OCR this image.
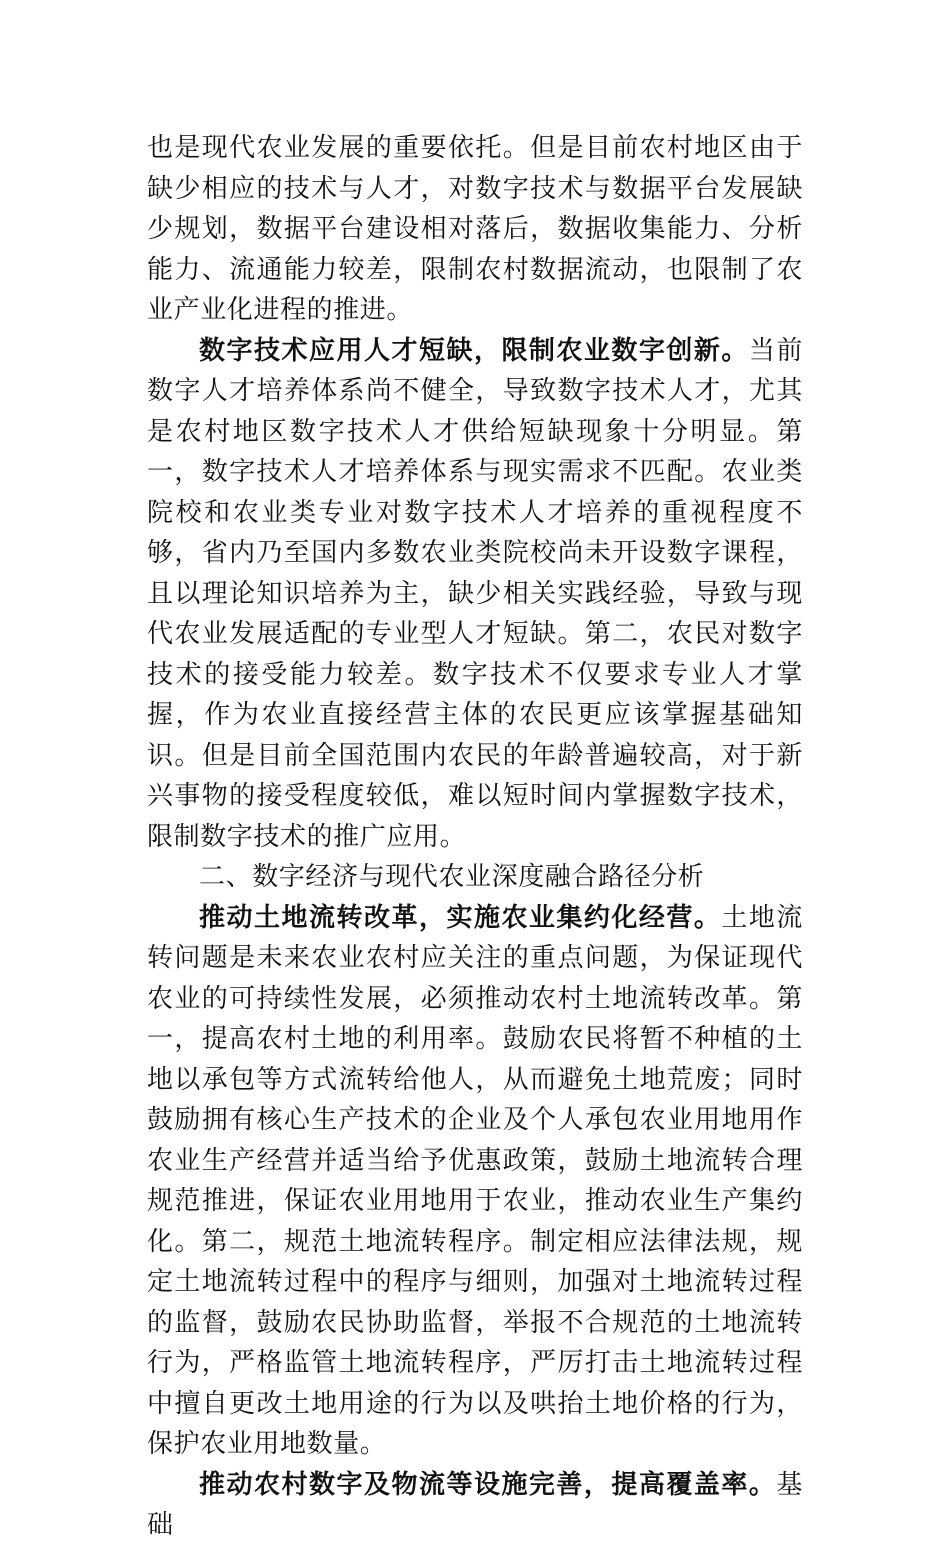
也是现代农业发展的重要依托。但是目前农村地区由于缺少相应的技术与人才，对数字技术与数据平台发展缺少规划，数据平台建设相对落后，数据收集能力、分析能力、流通能力较差，限制农村数据流动，也限制了农业产业化进程的推进。

数字技术应用人才短缺，限制农业数字创新。当前数字人才培养体系尚不健全，导致数字技术人才，尤其是农村地区数字技术人才供给短缺现象十分明显。第一，数字技术人才培养体系与现实需求不匹配。农业类院校和农业类专业对数字技术人才培养的重视程度不够，省内乃至国内多数农业类院校尚未开设数字课程，且以理论知识培养为主，缺少相关实践经验，导致与现代农业发展适配的专业型人才短缺。第二，农民对数字技术的接受能力较差。数字技术不仅要求专业人才掌握，作为农业直接经营主体的农民更应该掌握基础知识。但是目前全国范围内农民的年龄普遍较高，对于新兴事物的接受程度较低，难以短时间内掌握数字技术，限制数字技术的推广应用。

二、数字经济与现代农业深度融合路径分析

推动土地流转改革，实施农业集约化经营。土地流转问题是未来农业农村应关注的重点问题，为保证现代农业的可持续性发展，必须推动农村土地流转改革。第一，提高农村土地的利用率。鼓励农民将暂不种植的土地以承包等方式流转给他人，从而避免土地荒废；同时鼓励拥有核心生产技术的企业及个人承包农业用地用作农业生产经营并适当给予优惠政策，鼓励土地流转合理规范推进，保证农业用地用于农业，推动农业生产集约化。第二，规范土地流转程序。制定相应法律法规，规定土地流转过程中的程序与细则，加强对土地流转过程的监督，鼓励农民协助监督，举报不合规范的土地流转行为，严格监管土地流转程序，严厉打击土地流转过程中擅自更改土地用途的行为以及哄抬土地价格的行为，保护农业用地数量。

推动农村数字及物流等设施完善，提高覆盖率。基础
